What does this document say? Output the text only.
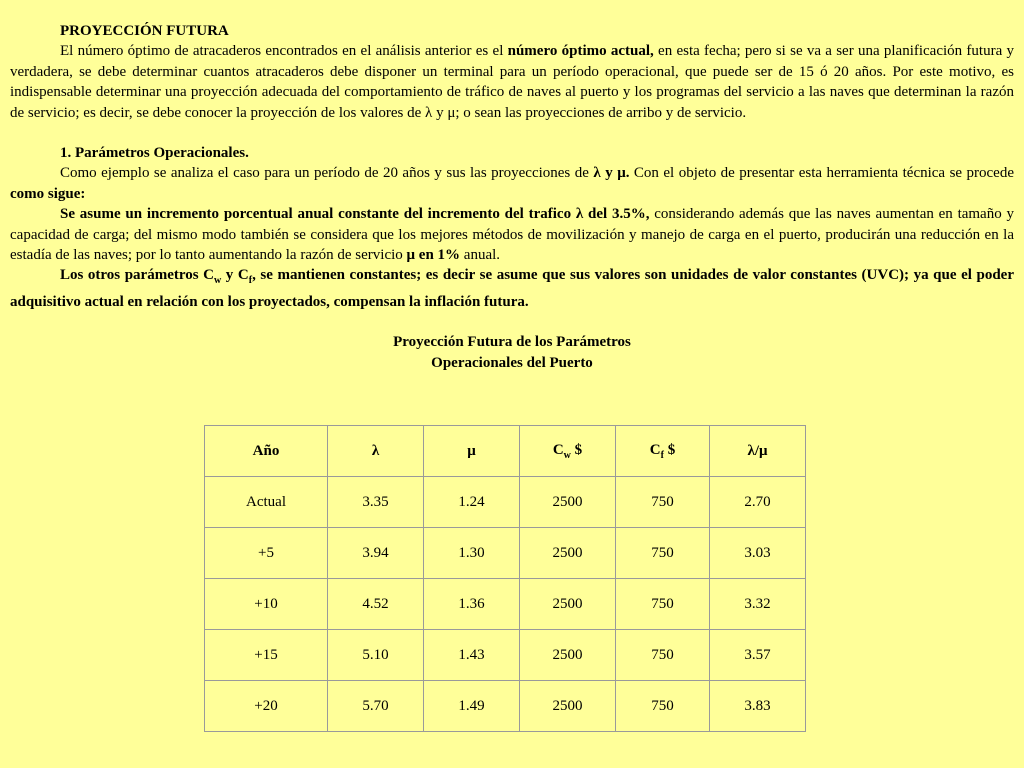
PROYECCIÓN FUTURA

El número óptimo de atracaderos encontrados en el análisis anterior es el número óptimo actual, en esta fecha; pero si se va a ser una planificación futura y verdadera, se debe determinar cuantos atracaderos debe disponer un terminal para un período operacional, que puede ser de 15 ó 20 años. Por este motivo, es indispensable determinar una proyección adecuada del comportamiento de tráfico de naves al puerto y los programas del servicio a las naves que determinan la razón de servicio; es decir, se debe conocer la proyección de los valores de λ y μ; o sean las proyecciones de arribo y de servicio.

1. Parámetros Operacionales.

Como ejemplo se analiza el caso para un período de 20 años y sus las proyecciones de λ y μ. Con el objeto de presentar esta herramienta técnica se procede como sigue:

Se asume un incremento porcentual anual constante del incremento del trafico λ del 3.5%, considerando además que las naves aumentan en tamaño y capacidad de carga; del mismo modo también se considera que los mejores métodos de movilización y manejo de carga en el puerto, producirán una reducción en la estadía de las naves; por lo tanto aumentando la razón de servicio μ en 1% anual.

Los otros parámetros $C_w$ y $C_f$, se mantienen constantes; es decir se asume que sus valores son unidades de valor constantes (UVC); ya que el poder adquisitivo actual en relación con los proyectados, compensan la inflación futura.

Proyección Futura de los Parámetros

Operacionales del Puerto

Año	λ	μ	$C_w$ $	$C_f$ $	λ/μ
Actual	3.35	1.24	2500	750	2.70
+5	3.94	1.30	2500	750	3.03
+10	4.52	1.36	2500	750	3.32
+15	5.10	1.43	2500	750	3.57
+20	5.70	1.49	2500	750	3.83
